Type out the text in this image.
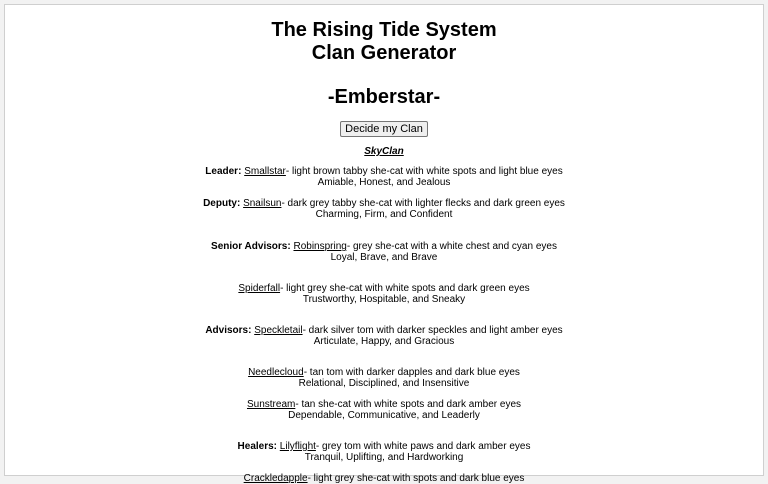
The Rising Tide System
Clan Generator
-Emberstar-
Decide my Clan
SkyClan
Leader: Smallstar- light brown tabby she-cat with white spots and light blue eyes
Amiable, Honest, and Jealous
Deputy: Snailsun- dark grey tabby she-cat with lighter flecks and dark green eyes
Charming, Firm, and Confident
Senior Advisors: Robinspring- grey she-cat with a white chest and cyan eyes
Loyal, Brave, and Brave
Spiderfall- light grey she-cat with white spots and dark green eyes
Trustworthy, Hospitable, and Sneaky
Advisors: Speckletail- dark silver tom with darker speckles and light amber eyes
Articulate, Happy, and Gracious
Needlecloud- tan tom with darker dapples and dark blue eyes
Relational, Disciplined, and Insensitive
Sunstream- tan she-cat with white spots and dark amber eyes
Dependable, Communicative, and Leaderly
Healers: Lilyflight- grey tom with white paws and dark amber eyes
Tranquil, Uplifting, and Hardworking
Crackledapple- light grey she-cat with spots and dark blue eyes
